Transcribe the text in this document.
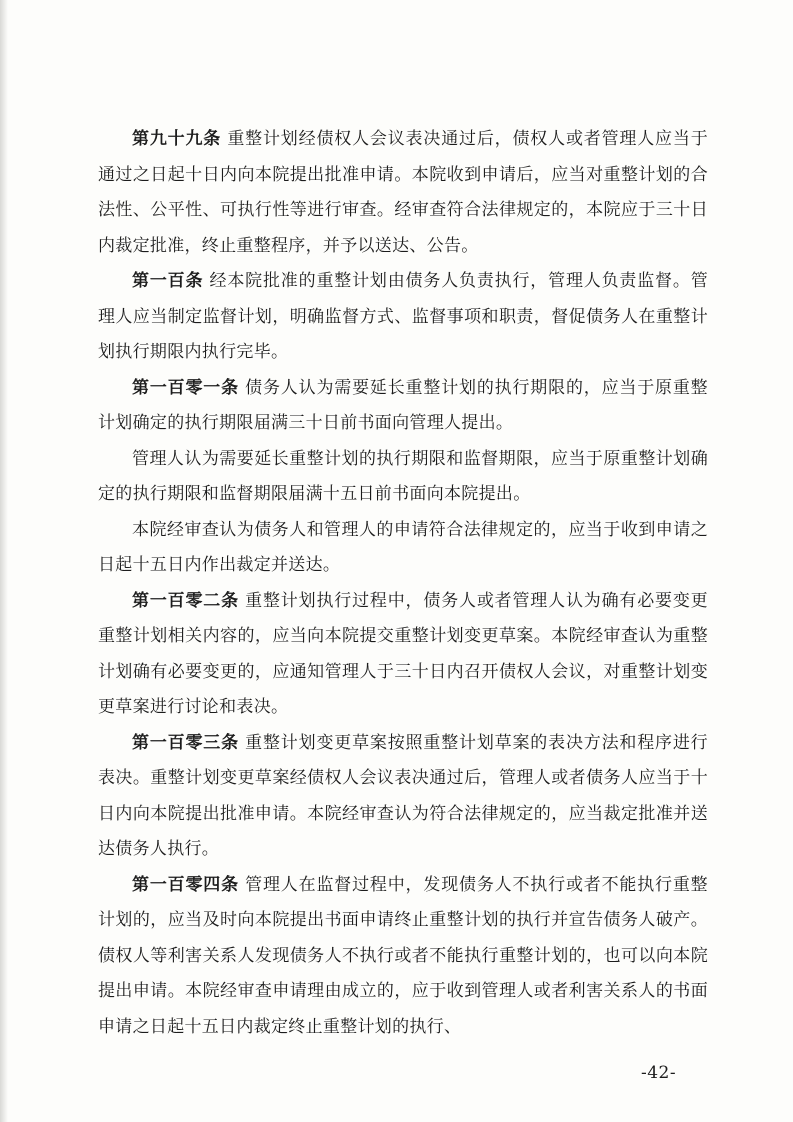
第九十九条 重整计划经债权人会议表决通过后，债权人或者管理人应当于通过之日起十日内向本院提出批准申请。本院收到申请后，应当对重整计划的合法性、公平性、可执行性等进行审查。经审查符合法律规定的，本院应于三十日内裁定批准，终止重整程序，并予以送达、公告。

第一百条 经本院批准的重整计划由债务人负责执行，管理人负责监督。管理人应当制定监督计划，明确监督方式、监督事项和职责，督促债务人在重整计划执行期限内执行完毕。

第一百零一条 债务人认为需要延长重整计划的执行期限的，应当于原重整计划确定的执行期限届满三十日前书面向管理人提出。

管理人认为需要延长重整计划的执行期限和监督期限，应当于原重整计划确定的执行期限和监督期限届满十五日前书面向本院提出。

本院经审查认为债务人和管理人的申请符合法律规定的，应当于收到申请之日起十五日内作出裁定并送达。

第一百零二条 重整计划执行过程中，债务人或者管理人认为确有必要变更重整计划相关内容的，应当向本院提交重整计划变更草案。本院经审查认为重整计划确有必要变更的，应通知管理人于三十日内召开债权人会议，对重整计划变更草案进行讨论和表决。

第一百零三条 重整计划变更草案按照重整计划草案的表决方法和程序进行表决。重整计划变更草案经债权人会议表决通过后，管理人或者债务人应当于十日内向本院提出批准申请。本院经审查认为符合法律规定的，应当裁定批准并送达债务人执行。

第一百零四条 管理人在监督过程中，发现债务人不执行或者不能执行重整计划的，应当及时向本院提出书面申请终止重整计划的执行并宣告债务人破产。债权人等利害关系人发现债务人不执行或者不能执行重整计划的，也可以向本院提出申请。本院经审查申请理由成立的，应于收到管理人或者利害关系人的书面申请之日起十五日内裁定终止重整计划的执行、

-42-
